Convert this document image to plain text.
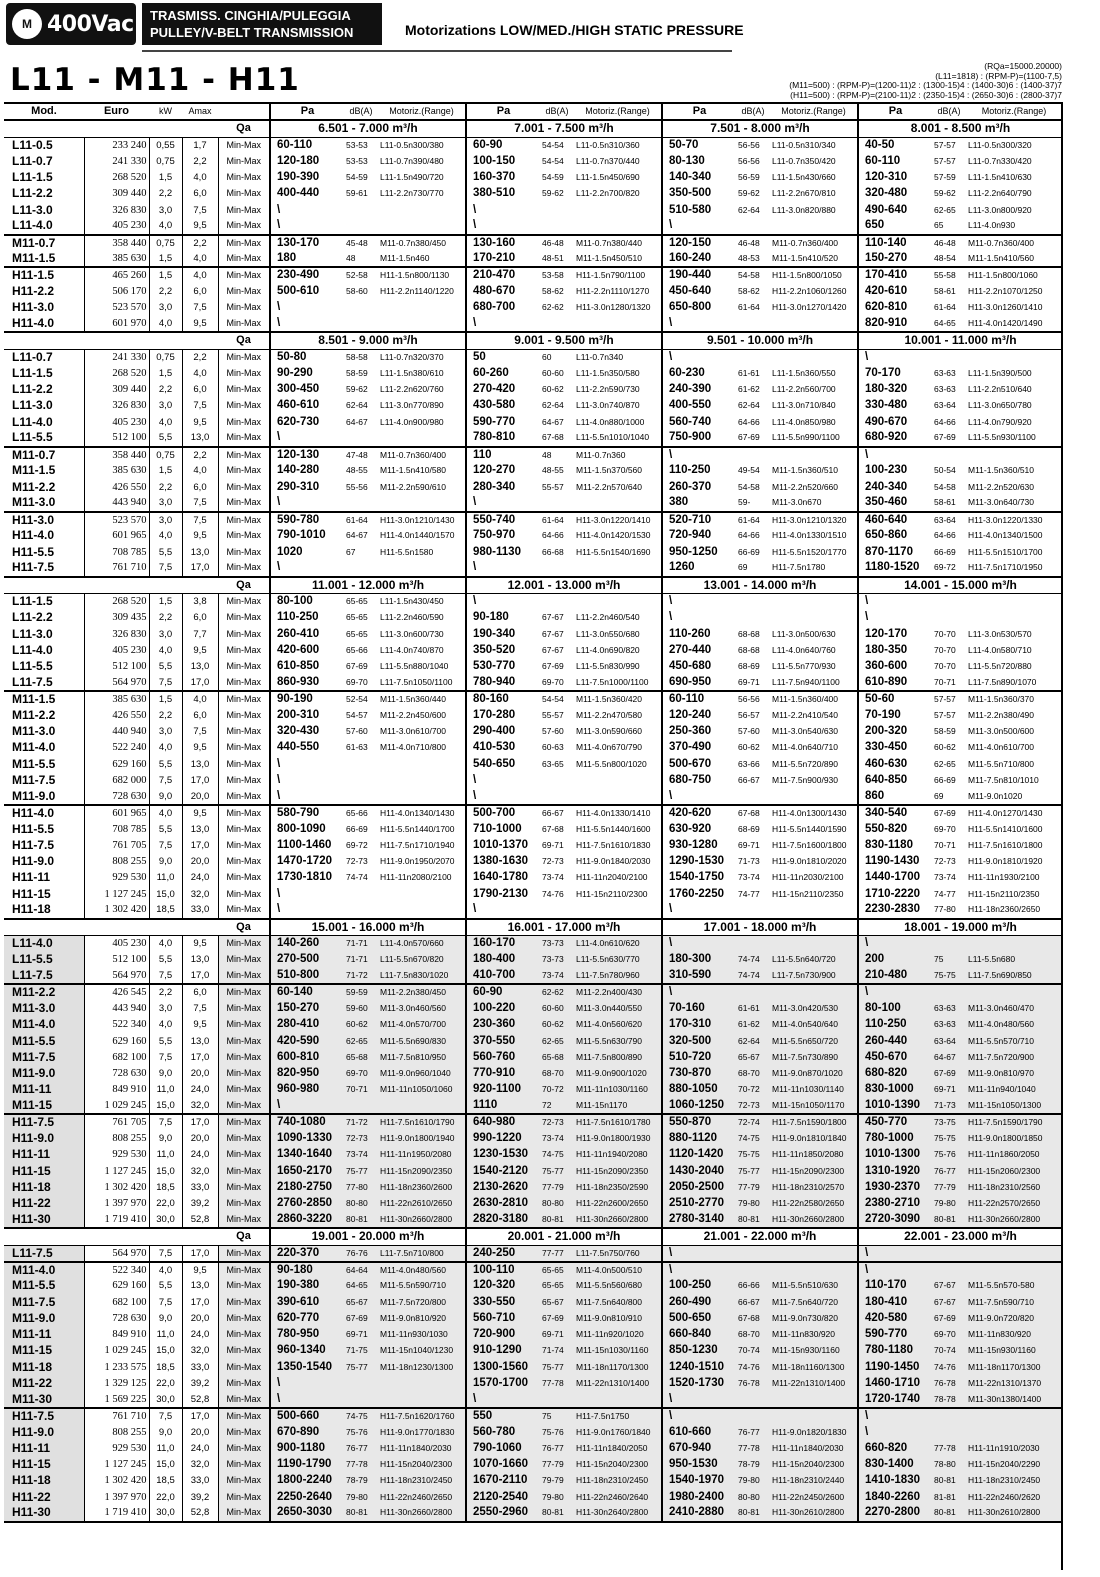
M 400Vac TRASMISS. CINGHIA/PULEGGIA
PULLEY/V-BELT TRANSMISSION	Motorizations LOW/MED./HIGH STATIC PRESSURE
L11 - M11 - H11	(RQa=15000.20000)
(L11=1818) : (RPM-P)=(1100-7,5)
(M11=500) : (RPM-P)=(1200-11)2 : (1300-15)4 : (1400-30)6 : (1400-37)7
(H11=500) : (RPM-P)=(2100-11)2 : (2350-15)4 : (2650-30)6 : (2800-37)7
Mod.	Euro	kW	Amax		Pa	dB(A)	Motoriz.(Range)	Pa	dB(A)	Motoriz.(Range)	Pa	dB(A)	Motoriz.(Range)	Pa	dB(A)	Motoriz.(Range)
				Qa	6.501 - 7.000 m³/h			7.001 - 7.500 m³/h			7.501 - 8.000 m³/h			8.001 - 8.500 m³/h		
L11-0.5	233 240	0,55	1,7	Min-Max	60-110	53-53	L11-0.5n300/380	60-90	54-54	L11-0.5n310/360	50-70	56-56	L11-0.5n310/340	40-50	57-57	L11-0.5n300/320
L11-0.7	241 330	0,75	2,2	Min-Max	120-180	53-53	L11-0.7n390/480	100-150	54-54	L11-0.7n370/440	80-130	56-56	L11-0.7n350/420	60-110	57-57	L11-0.7n330/420
L11-1.5	268 520	1,5	4,0	Min-Max	190-390	54-59	L11-1.5n490/720	160-370	54-59	L11-1.5n450/690	140-340	56-59	L11-1.5n430/660	120-310	57-59	L11-1.5n410/630
L11-2.2	309 440	2,2	6,0	Min-Max	400-440	59-61	L11-2.2n730/770	380-510	59-62	L11-2.2n700/820	350-500	59-62	L11-2.2n670/810	320-480	59-62	L11-2.2n640/790
L11-3.0	326 830	3,0	7,5	Min-Max	\			\			510-580	62-64	L11-3.0n820/880	490-640	62-65	L11-3.0n800/920
L11-4.0	405 230	4,0	9,5	Min-Max	\			\			\			650	65	L11-4.0n930
M11-0.7	358 440	0,75	2,2	Min-Max	130-170	45-48	M11-0.7n380/450	130-160	46-48	M11-0.7n380/440	120-150	46-48	M11-0.7n360/400	110-140	46-48	M11-0.7n360/400
M11-1.5	385 630	1,5	4,0	Min-Max	180	48	M11-1.5n460	170-210	48-51	M11-1.5n450/510	160-240	48-53	M11-1.5n410/520	150-270	48-54	M11-1.5n410/560
H11-1.5	465 260	1,5	4,0	Min-Max	230-490	52-58	H11-1.5n800/1130	210-470	53-58	H11-1.5n790/1100	190-440	54-58	H11-1.5n800/1050	170-410	55-58	H11-1.5n800/1060
H11-2.2	506 170	2,2	6,0	Min-Max	500-610	58-60	H11-2.2n1140/1220	480-670	58-62	H11-2.2n1110/1270	450-640	58-62	H11-2.2n1060/1260	420-610	58-61	H11-2.2n1070/1250
H11-3.0	523 570	3,0	7,5	Min-Max	\			680-700	62-62	H11-3.0n1280/1320	650-800	61-64	H11-3.0n1270/1420	620-810	61-64	H11-3.0n1260/1410
H11-4.0	601 970	4,0	9,5	Min-Max	\			\			\			820-910	64-65	H11-4.0n1420/1490
				Qa	8.501 - 9.000 m³/h			9.001 - 9.500 m³/h			9.501 - 10.000 m³/h			10.001 - 11.000 m³/h		
L11-0.7	241 330	0,75	2,2	Min-Max	50-80	58-58	L11-0.7n320/370	50	60	L11-0.7n340	\			\		
L11-1.5	268 520	1,5	4,0	Min-Max	90-290	58-59	L11-1.5n380/610	60-260	60-60	L11-1.5n350/580	60-230	61-61	L11-1.5n360/550	70-170	63-63	L11-1.5n390/500
L11-2.2	309 440	2,2	6,0	Min-Max	300-450	59-62	L11-2.2n620/760	270-420	60-62	L11-2.2n590/730	240-390	61-62	L11-2.2n560/700	180-320	63-63	L11-2.2n510/640
L11-3.0	326 830	3,0	7,5	Min-Max	460-610	62-64	L11-3.0n770/890	430-580	62-64	L11-3.0n740/870	400-550	62-64	L11-3.0n710/840	330-480	63-64	L11-3.0n650/780
L11-4.0	405 230	4,0	9,5	Min-Max	620-730	64-67	L11-4.0n900/980	590-770	64-67	L11-4.0n880/1000	560-740	64-66	L11-4.0n850/980	490-670	64-66	L11-4.0n790/920
L11-5.5	512 100	5,5	13,0	Min-Max	\			780-810	67-68	L11-5.5n1010/1040	750-900	67-69	L11-5.5n990/1100	680-920	67-69	L11-5.5n930/1100
M11-0.7	358 440	0,75	2,2	Min-Max	120-130	47-48	M11-0.7n360/400	110	48	M11-0.7n360	\			\		
M11-1.5	385 630	1,5	4,0	Min-Max	140-280	48-55	M11-1.5n410/580	120-270	48-55	M11-1.5n370/560	110-250	49-54	M11-1.5n360/510	100-230	50-54	M11-1.5n360/510
M11-2.2	426 550	2,2	6,0	Min-Max	290-310	55-56	M11-2.2n590/610	280-340	55-57	M11-2.2n570/640	260-370	54-58	M11-2.2n520/660	240-340	54-58	M11-2.2n520/630
M11-3.0	443 940	3,0	7,5	Min-Max	\			\			380	59-	M11-3.0n670	350-460	58-61	M11-3.0n640/730
H11-3.0	523 570	3,0	7,5	Min-Max	590-780	61-64	H11-3.0n1210/1430	550-740	61-64	H11-3.0n1220/1410	520-710	61-64	H11-3.0n1210/1320	460-640	63-64	H11-3.0n1220/1330
H11-4.0	601 965	4,0	9,5	Min-Max	790-1010	64-67	H11-4.0n1440/1570	750-970	64-66	H11-4.0n1420/1530	720-940	64-66	H11-4.0n1330/1510	650-860	64-66	H11-4.0n1340/1500
H11-5.5	708 785	5,5	13,0	Min-Max	1020	67	H11-5.5n1580	980-1130	66-68	H11-5.5n1540/1690	950-1250	66-69	H11-5.5n1520/1770	870-1170	66-69	H11-5.5n1510/1700
H11-7.5	761 710	7,5	17,0	Min-Max	\			\			1260	69	H11-7.5n1780	1180-1520	69-72	H11-7.5n1710/1950
				Qa	11.001 - 12.000 m³/h			12.001 - 13.000 m³/h			13.001 - 14.000 m³/h			14.001 - 15.000 m³/h		
L11-1.5	268 520	1,5	3,8	Min-Max	80-100	65-65	L11-1.5n430/450	\			\			\		
L11-2.2	309 435	2,2	6,0	Min-Max	110-250	65-65	L11-2.2n460/590	90-180	67-67	L11-2.2n460/540	\			\		
L11-3.0	326 830	3,0	7,7	Min-Max	260-410	65-65	L11-3.0n600/730	190-340	67-67	L11-3.0n550/680	110-260	68-68	L11-3.0n500/630	120-170	70-70	L11-3.0n530/570
L11-4.0	405 230	4,0	9,5	Min-Max	420-600	65-66	L11-4.0n740/870	350-520	67-67	L11-4.0n690/820	270-440	68-68	L11-4.0n640/760	180-350	70-70	L11-4.0n580/710
L11-5.5	512 100	5,5	13,0	Min-Max	610-850	67-69	L11-5.5n880/1040	530-770	67-69	L11-5.5n830/990	450-680	68-69	L11-5.5n770/930	360-600	70-70	L11-5.5n720/880
L11-7.5	564 970	7,5	17,0	Min-Max	860-930	69-70	L11-7.5n1050/1100	780-940	69-70	L11-7.5n1000/1100	690-950	69-71	L11-7.5n940/1100	610-890	70-71	L11-7.5n890/1070
M11-1.5	385 630	1,5	4,0	Min-Max	90-190	52-54	M11-1.5n360/440	80-160	54-54	M11-1.5n360/420	60-110	56-56	M11-1.5n360/400	50-60	57-57	M11-1.5n360/370
M11-2.2	426 550	2,2	6,0	Min-Max	200-310	54-57	M11-2.2n450/600	170-280	55-57	M11-2.2n470/580	120-240	56-57	M11-2.2n410/540	70-190	57-57	M11-2.2n380/490
M11-3.0	440 940	3,0	7,5	Min-Max	320-430	57-60	M11-3.0n610/700	290-400	57-60	M11-3.0n590/660	250-360	57-60	M11-3.0n540/630	200-320	58-59	M11-3.0n500/600
M11-4.0	522 240	4,0	9,5	Min-Max	440-550	61-63	M11-4.0n710/800	410-530	60-63	M11-4.0n670/790	370-490	60-62	M11-4.0n640/710	330-450	60-62	M11-4.0n610/700
M11-5.5	629 160	5,5	13,0	Min-Max	\			540-650	63-65	M11-5.5n800/1020	500-670	63-66	M11-5.5n720/890	460-630	62-65	M11-5.5n710/800
M11-7.5	682 000	7,5	17,0	Min-Max	\			\			680-750	66-67	M11-7.5n900/930	640-850	66-69	M11-7.5n810/1010
M11-9.0	728 630	9,0	20,0	Min-Max	\			\			\			860	69	M11-9.0n1020
H11-4.0	601 965	4,0	9,5	Min-Max	580-790	65-66	H11-4.0n1340/1430	500-700	66-67	H11-4.0n1330/1410	420-620	67-68	H11-4.0n1300/1430	340-540	67-69	H11-4.0n1270/1430
H11-5.5	708 785	5,5	13,0	Min-Max	800-1090	66-69	H11-5.5n1440/1700	710-1000	67-68	H11-5.5n1440/1600	630-920	68-69	H11-5.5n1440/1590	550-820	69-70	H11-5.5n1410/1600
H11-7.5	761 705	7,5	17,0	Min-Max	1100-1460	69-72	H11-7.5n1710/1940	1010-1370	69-71	H11-7.5n1610/1830	930-1280	69-71	H11-7.5n1600/1800	830-1180	70-71	H11-7.5n1610/1800
H11-9.0	808 255	9,0	20,0	Min-Max	1470-1720	72-73	H11-9.0n1950/2070	1380-1630	72-73	H11-9.0n1840/2030	1290-1530	71-73	H11-9.0n1810/2020	1190-1430	72-73	H11-9.0n1810/1920
H11-11	929 530	11,0	24,0	Min-Max	1730-1810	74-74	H11-11n2080/2100	1640-1780	73-74	H11-11n2040/2100	1540-1750	73-74	H11-11n2030/2100	1440-1700	73-74	H11-11n1930/2100
H11-15	1 127 245	15,0	32,0	Min-Max	\			1790-2130	74-76	H11-15n2110/2300	1760-2250	74-77	H11-15n2110/2350	1710-2220	74-77	H11-15n2110/2350
H11-18	1 302 420	18,5	33,0	Min-Max	\			\			\			2230-2830	77-80	H11-18n2360/2650
				Qa	15.001 - 16.000 m³/h			16.001 - 17.000 m³/h			17.001 - 18.000 m³/h			18.001 - 19.000 m³/h		
L11-4.0	405 230	4,0	9,5	Min-Max	140-260	71-71	L11-4.0n570/660	160-170	73-73	L11-4.0n610/620	\			\		
L11-5.5	512 100	5,5	13,0	Min-Max	270-500	71-71	L11-5.5n670/820	180-400	73-73	L11-5.5n630/770	180-300	74-74	L11-5.5n640/720	200	75	L11-5.5n680
L11-7.5	564 970	7,5	17,0	Min-Max	510-800	71-72	L11-7.5n830/1020	410-700	73-74	L11-7.5n780/960	310-590	74-74	L11-7.5n730/900	210-480	75-75	L11-7.5n690/850
M11-2.2	426 545	2,2	6,0	Min-Max	60-140	59-59	M11-2.2n380/450	60-90	62-62	M11-2.2n400/430	\			\		
M11-3.0	443 940	3,0	7,5	Min-Max	150-270	59-60	M11-3.0n460/560	100-220	60-60	M11-3.0n440/550	70-160	61-61	M11-3.0n420/530	80-100	63-63	M11-3.0n460/470
M11-4.0	522 340	4,0	9,5	Min-Max	280-410	60-62	M11-4.0n570/700	230-360	60-62	M11-4.0n560/620	170-310	61-62	M11-4.0n540/640	110-250	63-63	M11-4.0n480/560
M11-5.5	629 160	5,5	13,0	Min-Max	420-590	62-65	M11-5.5n690/830	370-550	62-65	M11-5.5n630/790	320-500	62-64	M11-5.5n650/720	260-440	63-64	M11-5.5n570/710
M11-7.5	682 100	7,5	17,0	Min-Max	600-810	65-68	M11-7.5n810/950	560-760	65-68	M11-7.5n800/890	510-720	65-67	M11-7.5n730/890	450-670	64-67	M11-7.5n720/900
M11-9.0	728 630	9,0	20,0	Min-Max	820-950	69-70	M11-9.0n960/1040	770-910	68-70	M11-9.0n900/1020	730-870	68-70	M11-9.0n870/1020	680-820	67-69	M11-9.0n810/970
M11-11	849 910	11,0	24,0	Min-Max	960-980	70-71	M11-11n1050/1060	920-1100	70-72	M11-11n1030/1160	880-1050	70-72	M11-11n1030/1140	830-1000	69-71	M11-11n940/1040
M11-15	1 029 245	15,0	32,0	Min-Max	\			1110	72	M11-15n1170	1060-1250	72-73	M11-15n1050/1170	1010-1390	71-73	M11-15n1050/1300
H11-7.5	761 705	7,5	17,0	Min-Max	740-1080	71-72	H11-7.5n1610/1790	640-980	72-73	H11-7.5n1610/1780	550-870	72-74	H11-7.5n1590/1800	450-770	73-75	H11-7.5n1590/1790
H11-9.0	808 255	9,0	20,0	Min-Max	1090-1330	72-73	H11-9.0n1800/1940	990-1220	73-74	H11-9.0n1800/1930	880-1120	74-75	H11-9.0n1810/1840	780-1000	75-75	H11-9.0n1800/1850
H11-11	929 530	11,0	24,0	Min-Max	1340-1640	73-74	H11-11n1950/2080	1230-1530	74-75	H11-11n1940/2080	1120-1420	75-75	H11-11n1850/2080	1010-1300	75-76	H11-11n1860/2050
H11-15	1 127 245	15,0	32,0	Min-Max	1650-2170	75-77	H11-15n2090/2350	1540-2120	75-77	H11-15n2090/2350	1430-2040	75-77	H11-15n2090/2300	1310-1920	76-77	H11-15n2060/2300
H11-18	1 302 420	18,5	33,0	Min-Max	2180-2750	77-80	H11-18n2360/2600	2130-2620	77-79	H11-18n2350/2590	2050-2500	77-79	H11-18n2310/2570	1930-2370	77-79	H11-18n2310/2560
H11-22	1 397 970	22,0	39,2	Min-Max	2760-2850	80-80	H11-22n2610/2650	2630-2810	80-80	H11-22n2600/2650	2510-2770	79-80	H11-22n2580/2650	2380-2710	79-80	H11-22n2570/2650
H11-30	1 719 410	30,0	52,8	Min-Max	2860-3220	80-81	H11-30n2660/2800	2820-3180	80-81	H11-30n2660/2800	2780-3140	80-81	H11-30n2660/2800	2720-3090	80-81	H11-30n2660/2800
				Qa	19.001 - 20.000 m³/h			20.001 - 21.000 m³/h			21.001 - 22.000 m³/h			22.001 - 23.000 m³/h		
L11-7.5	564 970	7,5	17,0	Min-Max	220-370	76-76	L11-7.5n710/800	240-250	77-77	L11-7.5n750/760	\			\		
M11-4.0	522 340	4,0	9,5	Min-Max	90-180	64-64	M11-4.0n480/560	100-110	65-65	M11-4.0n500/510	\			\		
M11-5.5	629 160	5,5	13,0	Min-Max	190-380	64-65	M11-5.5n590/710	120-320	65-65	M11-5.5n560/680	100-250	66-66	M11-5.5n510/630	110-170	67-67	M11-5.5n570-580
M11-7.5	682 100	7,5	17,0	Min-Max	390-610	65-67	M11-7.5n720/800	330-550	65-67	M11-7.5n640/800	260-490	66-67	M11-7.5n640/720	180-410	67-67	M11-7.5n590/710
M11-9.0	728 630	9,0	20,0	Min-Max	620-770	67-69	M11-9.0n810/920	560-710	67-69	M11-9.0n810/910	500-650	67-68	M11-9.0n730/820	420-580	67-69	M11-9.0n720/820
M11-11	849 910	11,0	24,0	Min-Max	780-950	69-71	M11-11n930/1030	720-900	69-71	M11-11n920/1020	660-840	68-70	M11-11n830/920	590-770	69-70	M11-11n830/920
M11-15	1 029 245	15,0	32,0	Min-Max	960-1340	71-75	M11-15n1040/1230	910-1290	71-74	M11-15n1030/1160	850-1230	70-74	M11-15n930/1160	780-1180	70-74	M11-15n930/1160
M11-18	1 233 575	18,5	33,0	Min-Max	1350-1540	75-77	M11-18n1230/1300	1300-1560	75-77	M11-18n1170/1300	1240-1510	74-76	M11-18n1160/1300	1190-1450	74-76	M11-18n1170/1300
M11-22	1 329 125	22,0	39,2	Min-Max	\			1570-1700	77-78	M11-22n1310/1400	1520-1730	76-78	M11-22n1310/1400	1460-1710	76-78	M11-22n1310/1370
M11-30	1 569 225	30,0	52,8	Min-Max	\			\			\			1720-1740	78-78	M11-30n1380/1400
H11-7.5	761 710	7,5	17,0	Min-Max	500-660	74-75	H11-7.5n1620/1760	550	75	H11-7.5n1750	\			\		
H11-9.0	808 255	9,0	20,0	Min-Max	670-890	75-76	H11-9.0n1770/1830	560-780	75-76	H11-9.0n1760/1840	610-660	76-77	H11-9.0n1820/1830	\		
H11-11	929 530	11,0	24,0	Min-Max	900-1180	76-77	H11-11n1840/2030	790-1060	76-77	H11-11n1840/2050	670-940	77-78	H11-11n1840/2030	660-820	77-78	H11-11n1910/2030
H11-15	1 127 245	15,0	32,0	Min-Max	1190-1790	77-78	H11-15n2040/2300	1070-1660	77-79	H11-15n2040/2300	950-1530	78-79	H11-15n2040/2300	830-1400	78-80	H11-15n2040/2290
H11-18	1 302 420	18,5	33,0	Min-Max	1800-2240	78-79	H11-18n2310/2450	1670-2110	79-79	H11-18n2310/2450	1540-1970	79-80	H11-18n2310/2440	1410-1830	80-81	H11-18n2310/2450
H11-22	1 397 970	22,0	39,2	Min-Max	2250-2640	79-80	H11-22n2460/2650	2120-2540	79-80	H11-22n2460/2640	1980-2400	80-80	H11-22n2450/2600	1840-2260	81-81	H11-22n2460/2620
H11-30	1 719 410	30,0	52,8	Min-Max	2650-3030	80-81	H11-30n2660/2800	2550-2960	80-81	H11-30n2640/2800	2410-2880	80-81	H11-30n2610/2800	2270-2800	80-81	H11-30n2610/2800
